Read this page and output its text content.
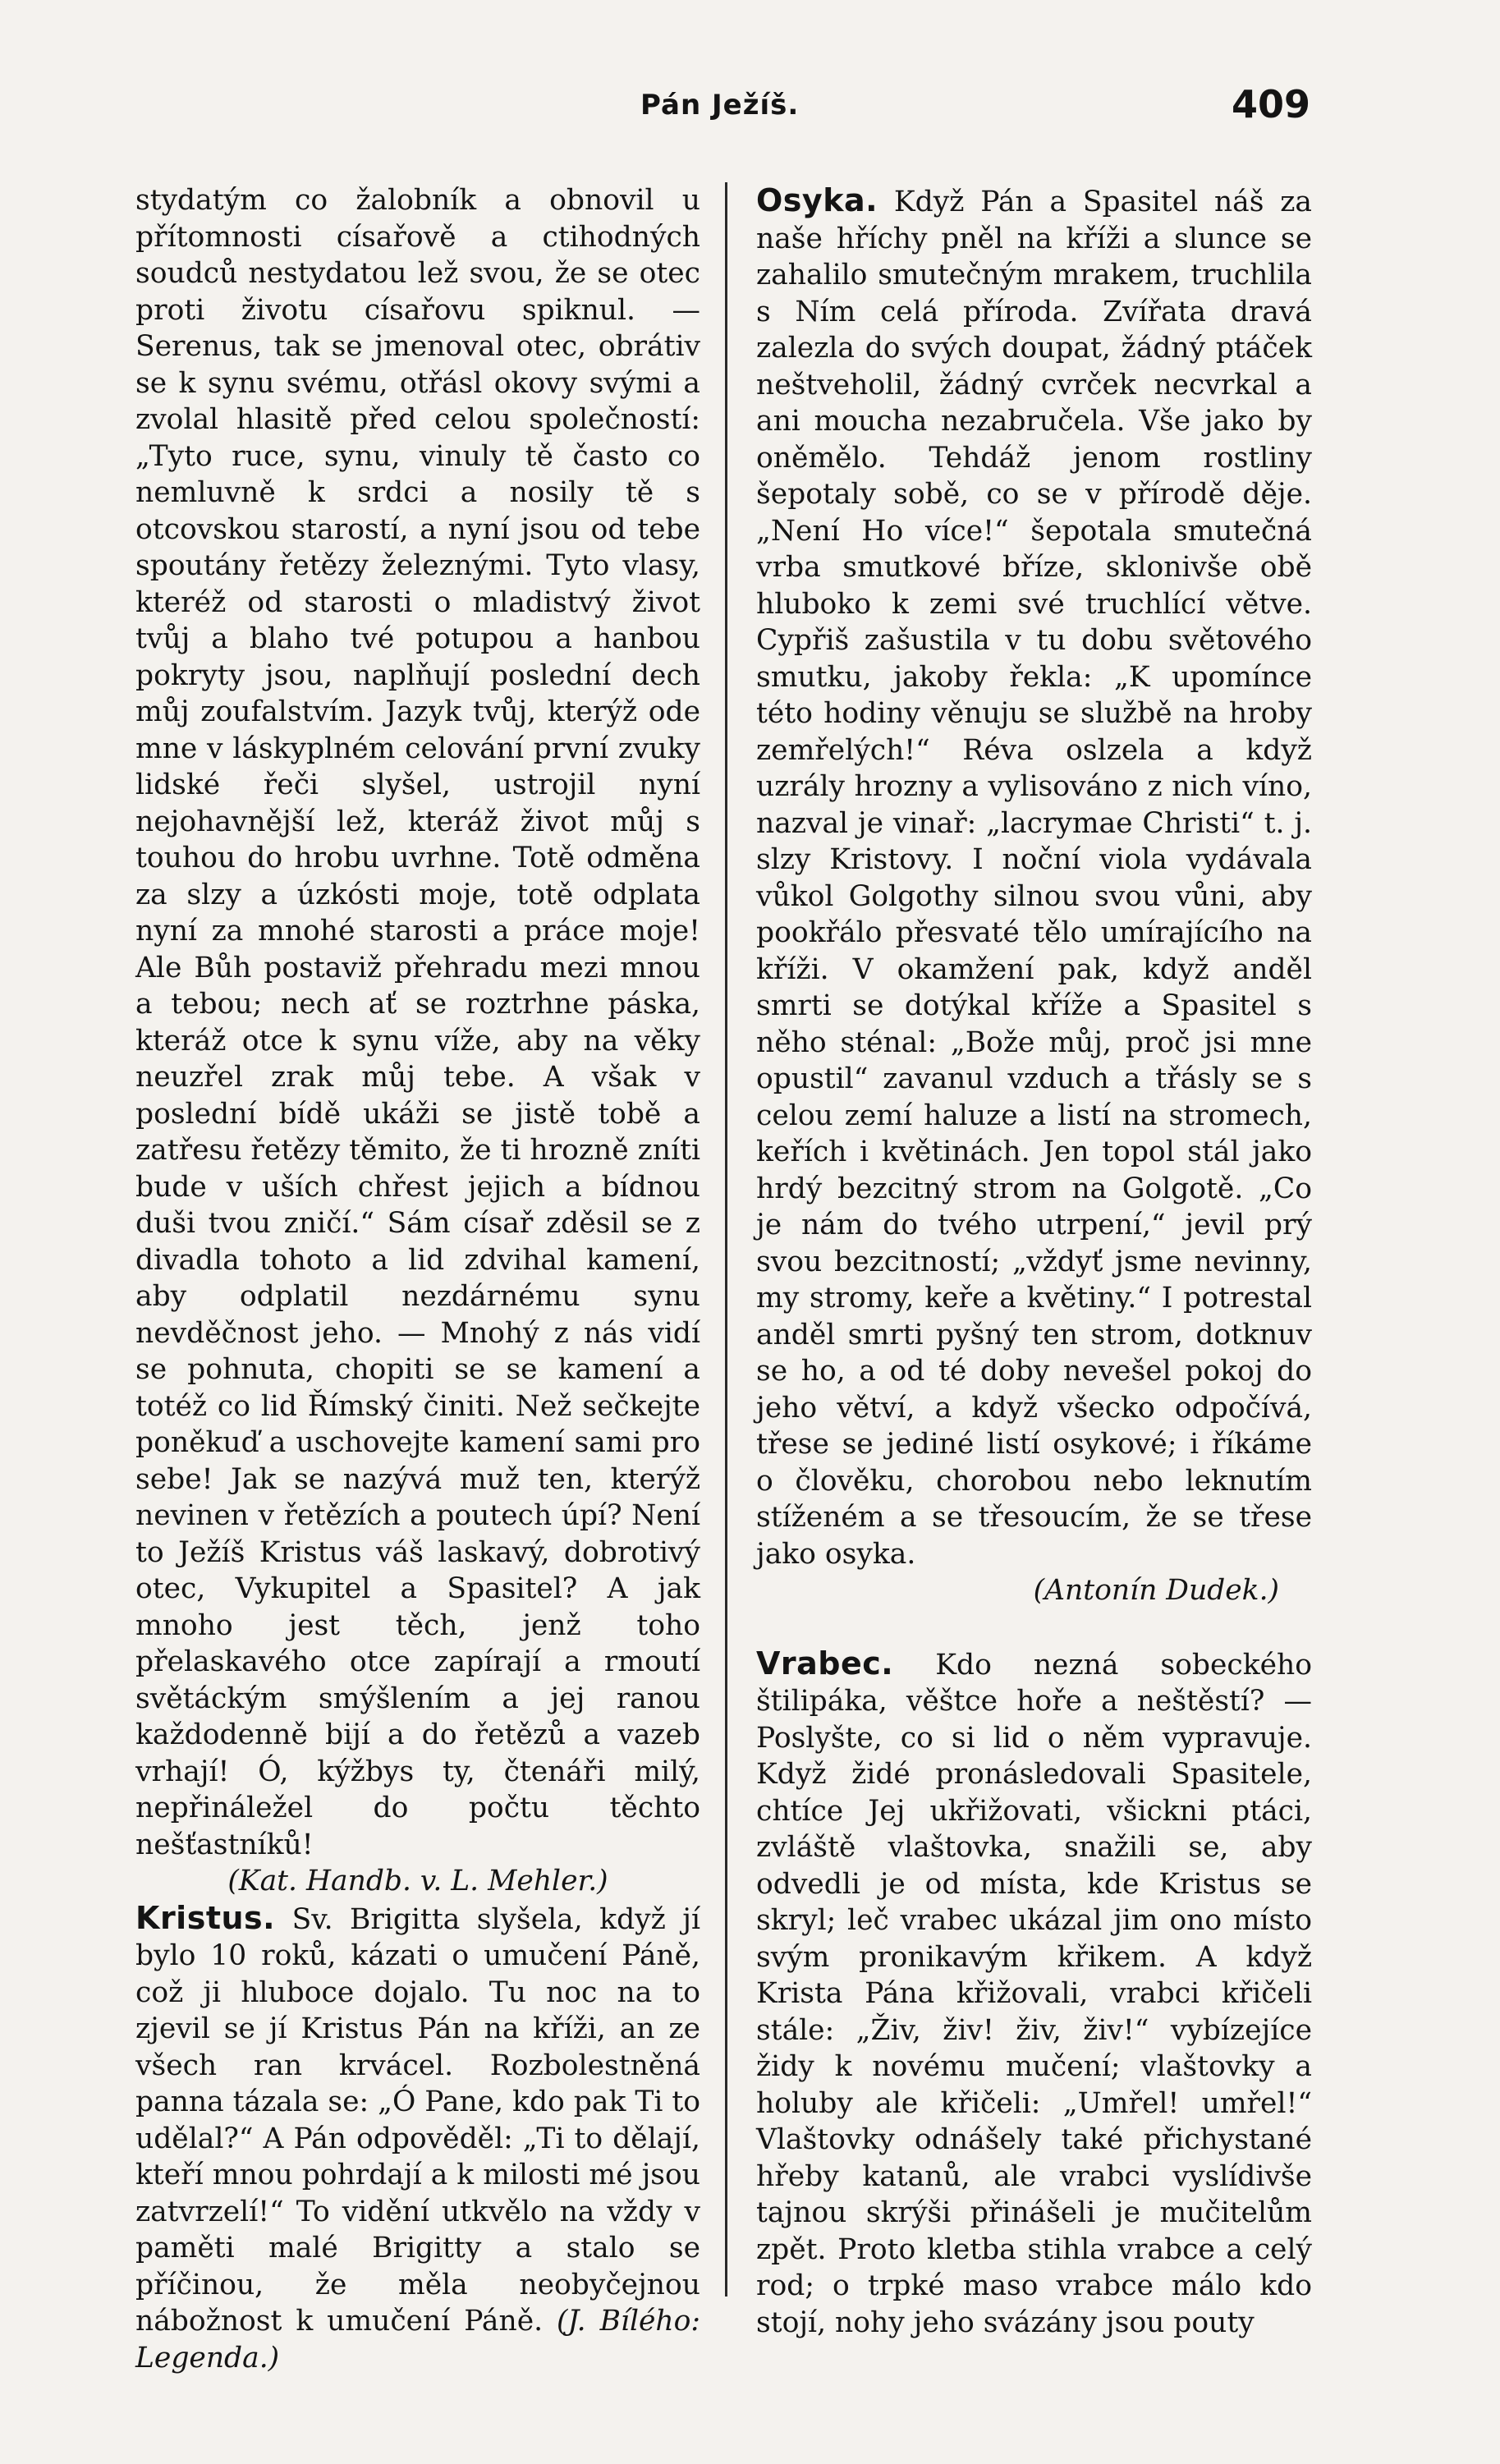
Pán Ježíš.	409

stydatým co žalobník a obnovil u přítomnosti císařově a ctihodných soudců nestydatou lež svou, že se otec proti životu císařovu spiknul. — Serenus, tak se jmenoval otec, obrátiv se k synu svému, otřásl okovy svými a zvolal hlasitě před celou společností: „Tyto ruce, synu, vinuly tě často co nemluvně k srdci a nosily tě s otcovskou starostí, a nyní jsou od tebe spoutány řetězy železnými. Tyto vlasy, kteréž od starosti o mladistvý život tvůj a blaho tvé potupou a hanbou pokryty jsou, naplňují poslední dech můj zoufalstvím. Jazyk tvůj, kterýž ode mne v láskyplném celování první zvuky lidské řeči slyšel, ustrojil nyní nejohavnější lež, kteráž život můj s touhou do hrobu uvrhne. Totě odměna za slzy a úzkósti moje, totě odplata nyní za mnohé starosti a práce moje! Ale Bůh postaviž přehradu mezi mnou a tebou; nech ať se roztrhne páska, kteráž otce k synu víže, aby na věky neuzřel zrak můj tebe. A však v poslední bídě ukáži se jistě tobě a zatřesu řetězy těmito, že ti hrozně zníti bude v uších chřest jejich a bídnou duši tvou zničí.“ Sám císař zděsil se z divadla tohoto a lid zdvihal kamení, aby odplatil nezdárnému synu nevděčnost jeho. — Mnohý z nás vidí se pohnuta, chopiti se se kamení a totéž co lid Římský činiti. Než sečkejte poněkuď a uschovejte kamení sami pro sebe! Jak se nazývá muž ten, kterýž nevinen v řetězích a poutech úpí? Není to Ježíš Kristus váš laskavý, dobrotivý otec, Vykupitel a Spasitel? A jak mnoho jest těch, jenž toho přelaskavého otce zapírají a rmoutí světáckým smýšlením a jej ranou každodenně bijí a do řetězů a vazeb vrhají! Ó, kýžbys ty, čtenáři milý, nepřináležel do počtu těchto nešťastníků!

(Kat. Handb. v. L. Mehler.)

Kristus. Sv. Brigitta slyšela, když jí bylo 10 roků, kázati o umučení Páně, což ji hluboce dojalo. Tu noc na to zjevil se jí Kristus Pán na kříži, an ze všech ran krvácel. Rozbolestněná panna tázala se: „Ó Pane, kdo pak Ti to udělal?“ A Pán odpověděl: „Ti to dělají, kteří mnou pohrdají a k milosti mé jsou zatvrzelí!“ To vidění utkvělo na vždy v paměti malé Brigitty a stalo se příčinou, že měla neobyčejnou nábožnost k umučení Páně. (J. Bílého: Legenda.)

Osyka. Když Pán a Spasitel náš za naše hříchy pněl na kříži a slunce se zahalilo smutečným mrakem, truchlila s Ním celá příroda. Zvířata dravá zalezla do svých doupat, žádný ptáček neštveholil, žádný cvrček necvrkal a ani moucha nezabručela. Vše jako by oněmělo. Tehdáž jenom rostliny šepotaly sobě, co se v přírodě děje. „Není Ho více!“ šepotala smutečná vrba smutkové bříze, sklonivše obě hluboko k zemi své truchlící větve. Cypřiš zašustila v tu dobu světového smutku, jakoby řekla: „K upomínce této hodiny věnuju se službě na hroby zemřelých!“ Réva oslzela a když uzrály hrozny a vylisováno z nich víno, nazval je vinař: „lacrymae Christi“ t. j. slzy Kristovy. I noční viola vydávala vůkol Golgothy silnou svou vůni, aby pookřálo přesvaté tělo umírajícího na kříži. V okamžení pak, když anděl smrti se dotýkal kříže a Spasitel s něho sténal: „Bože můj, proč jsi mne opustil“ zavanul vzduch a třásly se s celou zemí haluze a listí na stromech, keřích i květinách. Jen topol stál jako hrdý bezcitný strom na Golgotě. „Co je nám do tvého utrpení,“ jevil prý svou bezcitností; „vždyť jsme nevinny, my stromy, keře a květiny.“ I potrestal anděl smrti pyšný ten strom, dotknuv se ho, a od té doby nevešel pokoj do jeho větví, a když všecko odpočívá, třese se jediné listí osykové; i říkáme o člověku, chorobou nebo leknutím stíženém a se třesoucím, že se třese jako osyka.

(Antonín Dudek.)

Vrabec. Kdo nezná sobeckého štilipáka, věštce hoře a neštěstí? — Poslyšte, co si lid o něm vypravuje. Když židé pronásledovali Spasitele, chtíce Jej ukřižovati, všickni ptáci, zvláště vlaštovka, snažili se, aby odvedli je od místa, kde Kristus se skryl; leč vrabec ukázal jim ono místo svým pronikavým křikem. A když Krista Pána křižovali, vrabci křičeli stále: „Živ, živ! živ, živ!“ vybízejíce židy k novému mučení; vlaštovky a holuby ale křičeli: „Umřel! umřel!“ Vlaštovky odnášely také přichystané hřeby katanů, ale vrabci vyslídivše tajnou skrýši přinášeli je mučitelům zpět. Proto kletba stihla vrabce a celý rod; o trpké maso vrabce málo kdo stojí, nohy jeho svázány jsou pouty
